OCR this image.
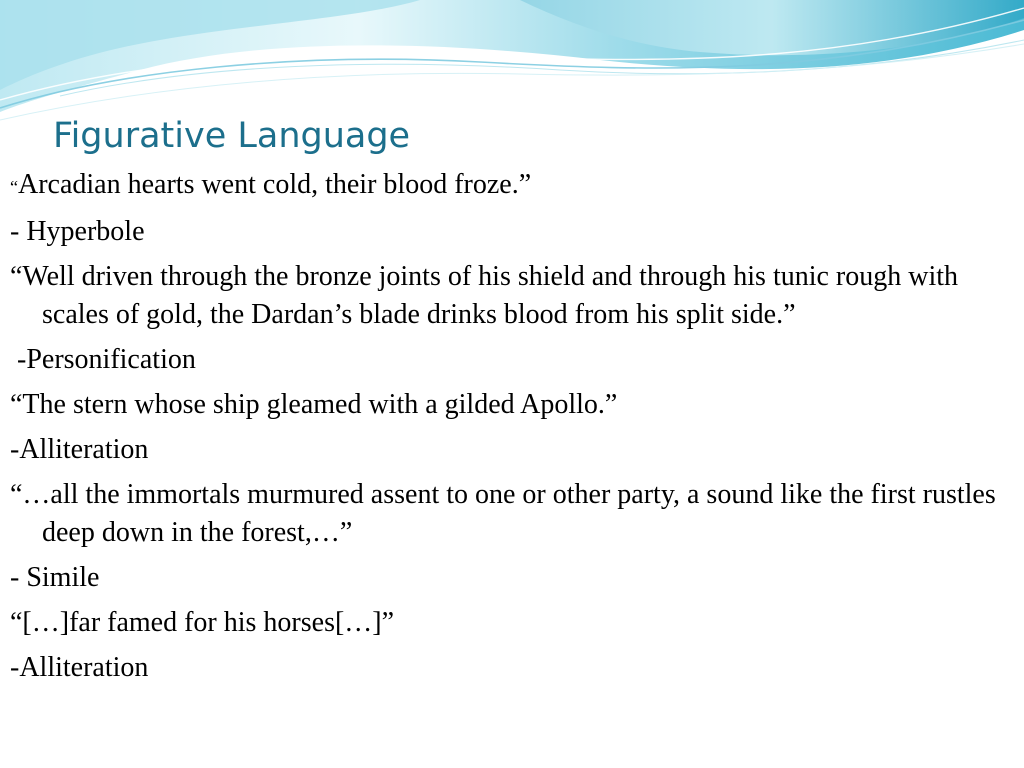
Figurative Language

“Arcadian hearts went cold, their blood froze.”

- Hyperbole

“Well driven through the bronze joints of his shield and through his tunic rough with scales of gold, the Dardan’s blade drinks blood from his split side.”

-Personification

“The stern whose ship gleamed with a gilded Apollo.”

-Alliteration

“…all the immortals murmured assent to one or other party, a sound like the first rustles deep down in the forest,…”

- Simile

“[…]far famed for his horses[…]”

-Alliteration
